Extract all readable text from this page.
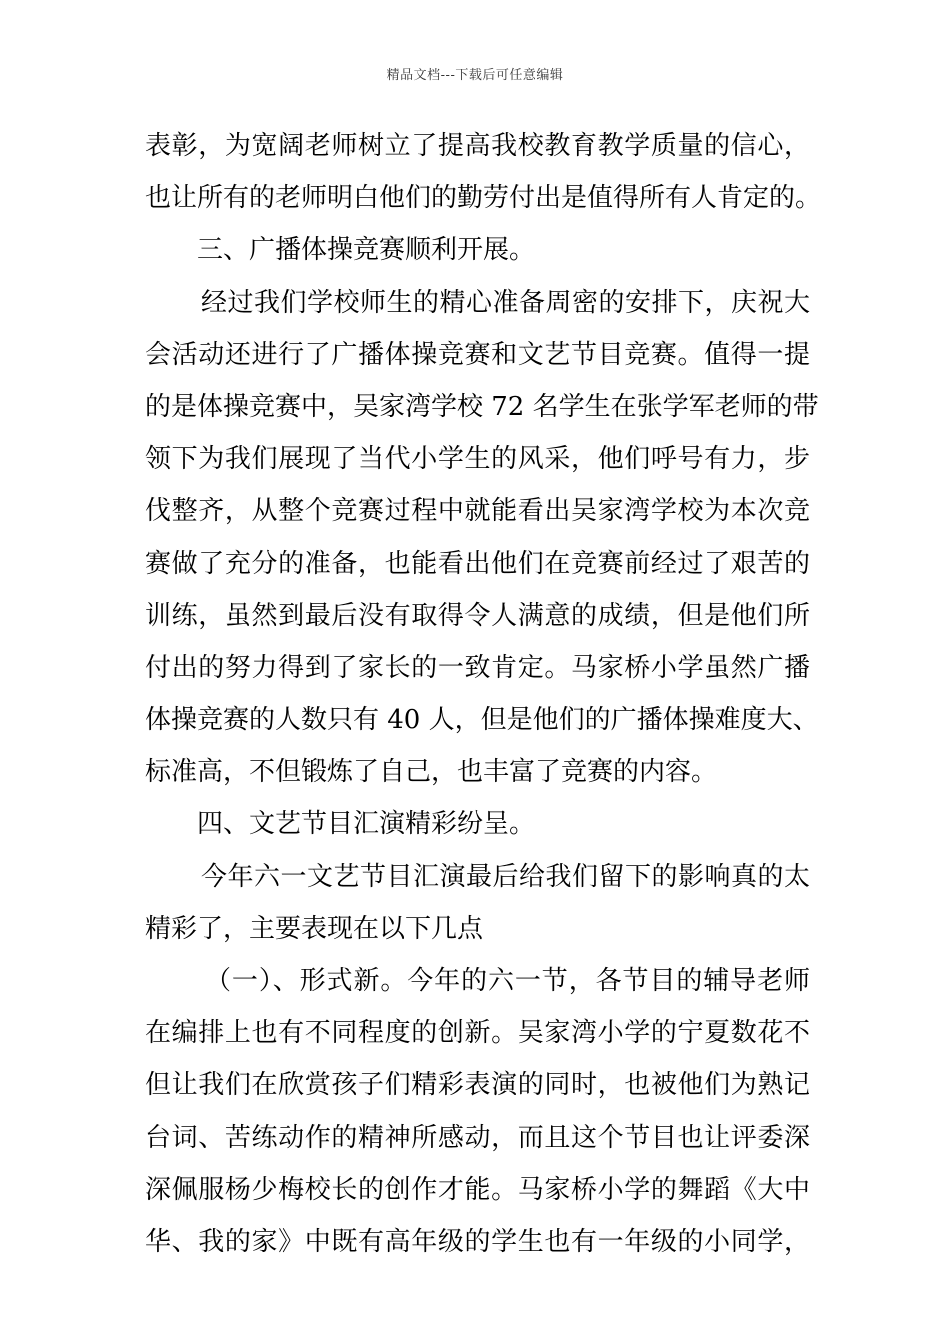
精品文档---下载后可任意编辑
表彰，为宽阔老师树立了提高我校教育教学质量的信心，
也让所有的老师明白他们的勤劳付出是值得所有人肯定的。
三、广播体操竞赛顺利开展。
经过我们学校师生的精心准备周密的安排下，庆祝大
会活动还进行了广播体操竞赛和文艺节目竞赛。值得一提
的是体操竞赛中，吴家湾学校 72 名学生在张学军老师的带
领下为我们展现了当代小学生的风采，他们呼号有力，步
伐整齐，从整个竞赛过程中就能看出吴家湾学校为本次竞
赛做了充分的准备，也能看出他们在竞赛前经过了艰苦的
训练，虽然到最后没有取得令人满意的成绩，但是他们所
付出的努力得到了家长的一致肯定。马家桥小学虽然广播
体操竞赛的人数只有 40 人，但是他们的广播体操难度大、
标准高，不但锻炼了自己，也丰富了竞赛的内容。
四、文艺节目汇演精彩纷呈。
今年六一文艺节目汇演最后给我们留下的影响真的太
精彩了，主要表现在以下几点
（一）、形式新。今年的六一节，各节目的辅导老师
在编排上也有不同程度的创新。吴家湾小学的宁夏数花不
但让我们在欣赏孩子们精彩表演的同时，也被他们为熟记
台词、苦练动作的精神所感动，而且这个节目也让评委深
深佩服杨少梅校长的创作才能。马家桥小学的舞蹈《大中
华、我的家》中既有高年级的学生也有一年级的小同学，
